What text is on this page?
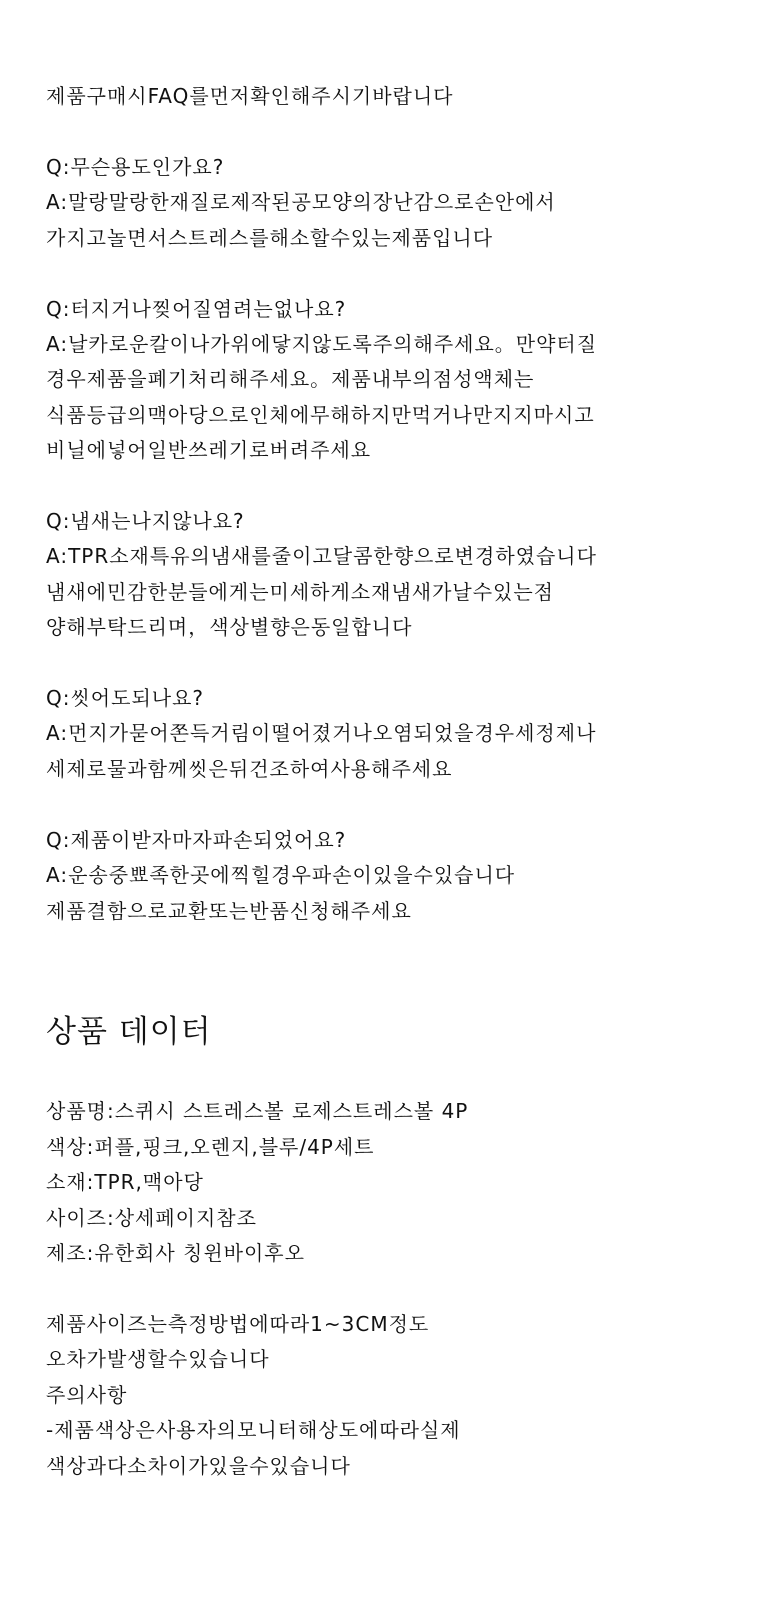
제품구매시FAQ를먼저확인해주시기바랍니다
Q:무슨용도인가요?
A:말랑말랑한재질로제작된공모양의장난감으로손안에서
가지고놀면서스트레스를해소할수있는제품입니다
Q:터지거나찢어질염려는없나요?
A:날카로운칼이나가위에닿지않도록주의해주세요。만약터질
경우제품을폐기처리해주세요。제품내부의점성액체는
식품등급의맥아당으로인체에무해하지만먹거나만지지마시고
비닐에넣어일반쓰레기로버려주세요
Q:냄새는나지않나요?
A:TPR소재특유의냄새를줄이고달콤한향으로변경하였습니다
냄새에민감한분들에게는미세하게소재냄새가날수있는점
양해부탁드리며，색상별향은동일합니다
Q:씻어도되나요?
A:먼지가묻어쫀득거림이떨어졌거나오염되었을경우세정제나
세제로물과함께씻은뒤건조하여사용해주세요
Q:제품이받자마자파손되었어요?
A:운송중뾰족한곳에찍힐경우파손이있을수있습니다
제품결함으로교환또는반품신청해주세요
상품 데이터
상품명:스퀴시 스트레스볼 로제스트레스볼 4P
색상:퍼플,핑크,오렌지,블루/4P세트
소재:TPR,맥아당
사이즈:상세페이지참조
제조:유한회사 칭윈바이후오
제품사이즈는측정방법에따라1~3CM정도
오차가발생할수있습니다
주의사항
-제품색상은사용자의모니터해상도에따라실제
색상과다소차이가있을수있습니다
